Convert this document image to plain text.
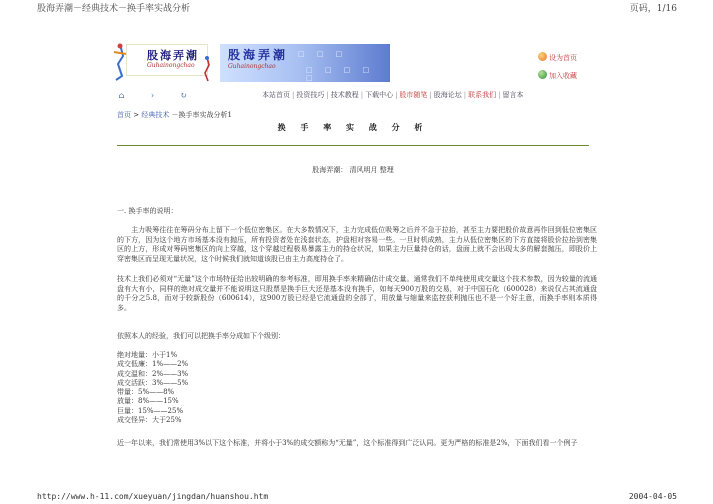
股海弄潮－经典技术－换手率实战分析	页码，1/16
股海弄潮
Guhainongchao
股海弄潮
Guhainongchao
□ □ □
□ □ □ □ □
设为首页
加入收藏
⌂	›	↻	本站首页 | 投资技巧 | 技术教程 | 下载中心 | 股市随笔 | 股海论坛 | 联系我们 | 留言本
首页 > 经典技术 －换手率实战分析1
换 手 率 实 战 分 析
股海弄潮： 清风明月 整理

一. 换手率的说明：

　　主力吸筹往往在筹码分布上留下一个低位密集区。在大多数情况下，主力完成低位吸筹之后并不急于拉抬，甚至主力要把股价故意再作回到低位密集区的下方，因为这个地方市场基本没有抛压，所有投资者处在浅套状态，护盘相对容易一些。一旦时机成熟，主力从低位密集区的下方直接将股价拉抬到密集区的上方，形成对筹码密集区的向上穿越，这个穿越过程极易暴露主力的持仓状况，如果主力巨量持仓的话，盘面上就不会出现太多的解套抛压，即股价上穿密集区而呈现无量状况，这个时候我们就知道该股已由主力高度持仓了。

技术上我们必须对“无量”这个市场特征给出较明确的参考标准，即用换手率来精确估计成交量。通常我们不单纯使用成交量这个技术参数，因为较量的流通盘有大有小，同样的绝对成交量并不能说明这只股票是换手巨大还是基本没有换手，如每天900万股的交易，对于中国石化（600028）来说仅占其流通盘的千分之5.8，而对于较新股份（600614），这900万股已经是它流通盘的全部了，用放量与缩量来监控获利抛压也不是一个好主意，而换手率则本质得多。

依照本人的经验，我们可以把换手率分成如下个级别：

绝对地量：小于1%
成交低廉：1%——2%
成交温和：2%——3%
成交活跃：3%——5%
带量：5%——8%
放量：8%——15%
巨量：15%——25%
成交怪异：大于25%

近一年以来，我们常使用3%以下这个标准，并将小于3%的成交额称为“无量”，这个标准得到广泛认同。更为严格的标准是2%，下面我们看一个例子

http://www.h-11.com/xueyuan/jingdan/huanshou.htm	2004-04-05
